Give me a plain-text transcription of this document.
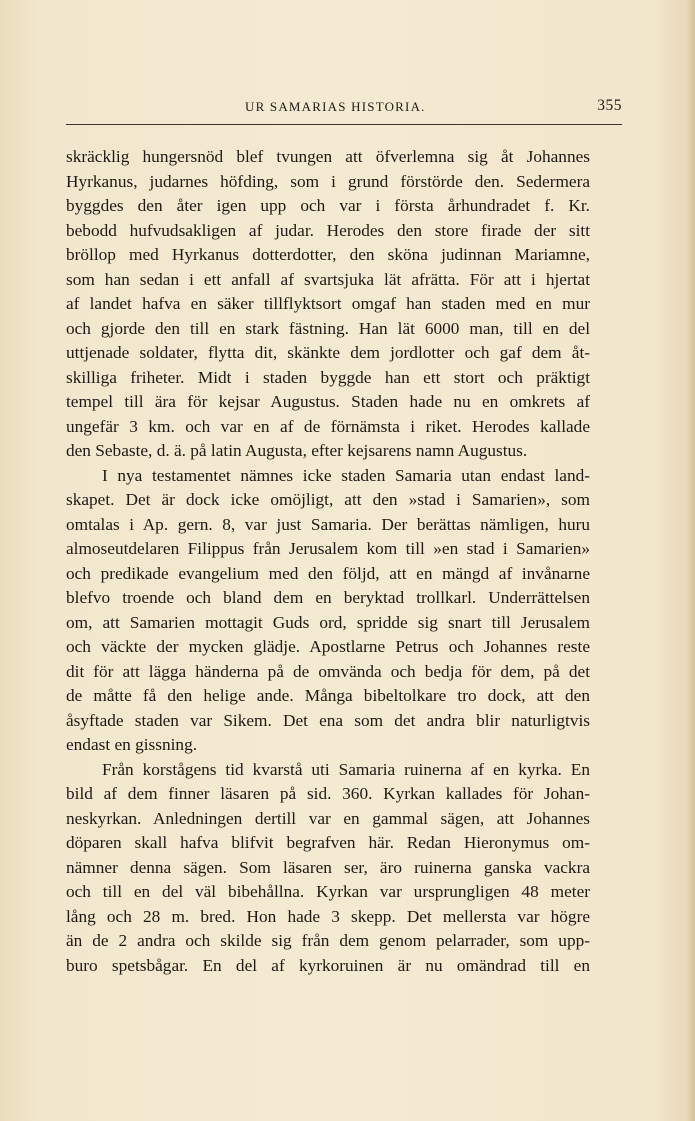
UR SAMARIAS HISTORIA.	355
skräcklig hungersnöd blef tvungen att öfverlemna sig åt Johannes
Hyrkanus, judarnes höfding, som i grund förstörde den. Sedermera
byggdes den åter igen upp och var i första århundradet f. Kr.
bebodd hufvudsakligen af judar. Herodes den store firade der sitt
bröllop med Hyrkanus dotterdotter, den sköna judinnan Mariamne,
som han sedan i ett anfall af svartsjuka lät afrätta. För att i hjertat
af landet hafva en säker tillflyktsort omgaf han staden med en mur
och gjorde den till en stark fästning. Han lät 6000 man, till en del
uttjenade soldater, flytta dit, skänkte dem jordlotter och gaf dem åt-
skilliga friheter. Midt i staden byggde han ett stort och präktigt
tempel till ära för kejsar Augustus. Staden hade nu en omkrets af
ungefär 3 km. och var en af de förnämsta i riket. Herodes kallade
den Sebaste, d. ä. på latin Augusta, efter kejsarens namn Augustus.
I nya testamentet nämnes icke staden Samaria utan endast land-
skapet. Det är dock icke omöjligt, att den »stad i Samarien», som
omtalas i Ap. gern. 8, var just Samaria. Der berättas nämligen, huru
almoseutdelaren Filippus från Jerusalem kom till »en stad i Samarien»
och predikade evangelium med den följd, att en mängd af invånarne
blefvo troende och bland dem en beryktad trollkarl. Underrättelsen
om, att Samarien mottagit Guds ord, spridde sig snart till Jerusalem
och väckte der mycken glädje. Apostlarne Petrus och Johannes reste
dit för att lägga händerna på de omvända och bedja för dem, på det
de måtte få den helige ande. Många bibeltolkare tro dock, att den
åsyftade staden var Sikem. Det ena som det andra blir naturligtvis
endast en gissning.
Från korstågens tid kvarstå uti Samaria ruinerna af en kyrka. En
bild af dem finner läsaren på sid. 360. Kyrkan kallades för Johan-
neskyrkan. Anledningen dertill var en gammal sägen, att Johannes
döparen skall hafva blifvit begrafven här. Redan Hieronymus om-
nämner denna sägen. Som läsaren ser, äro ruinerna ganska vackra
och till en del väl bibehållna. Kyrkan var ursprungligen 48 meter
lång och 28 m. bred. Hon hade 3 skepp. Det mellersta var högre
än de 2 andra och skilde sig från dem genom pelarrader, som upp-
buro spetsbågar. En del af kyrkoruinen är nu omändrad till en
